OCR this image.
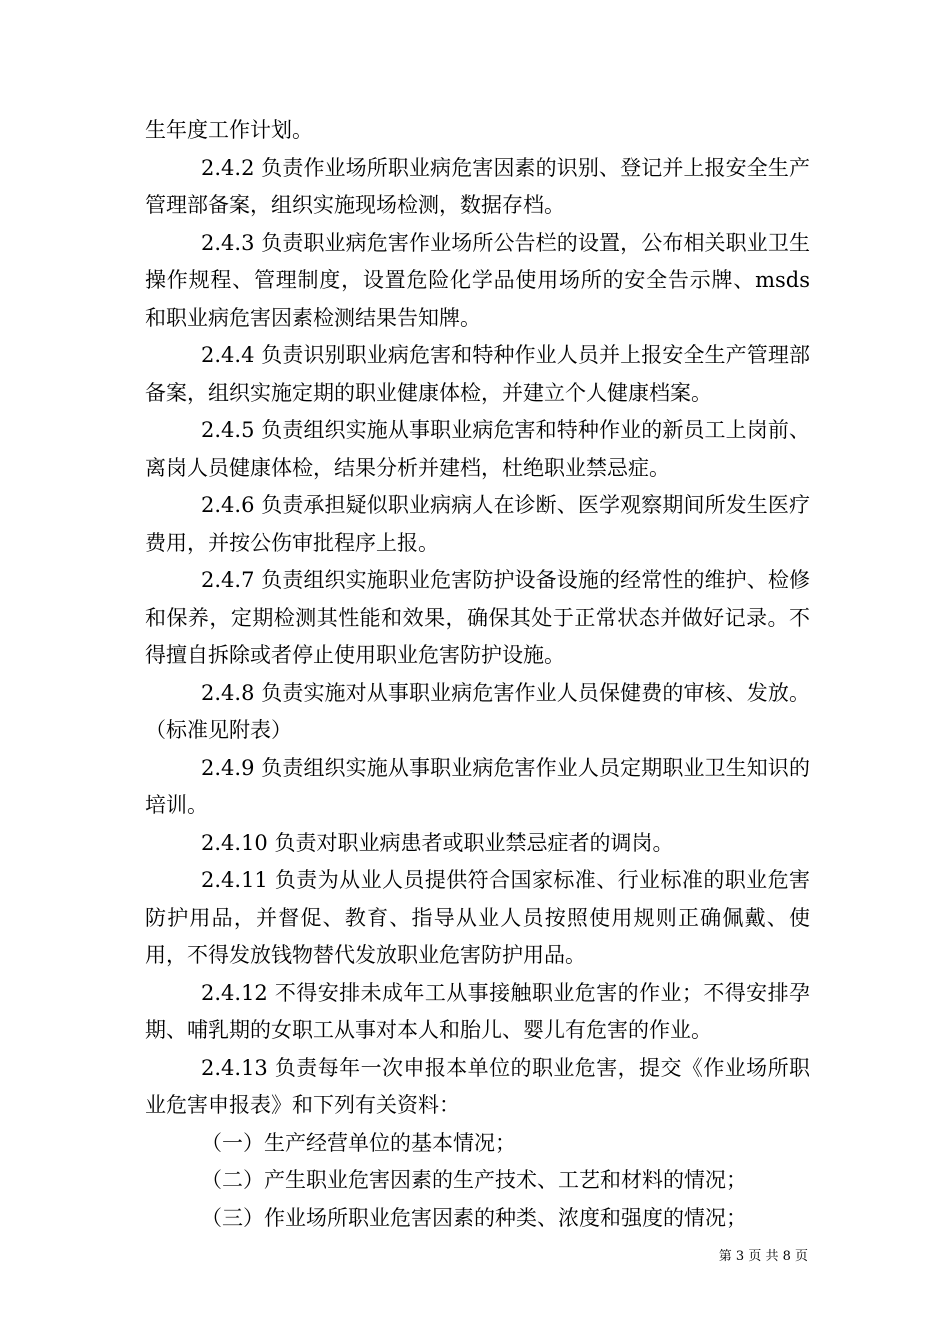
生年度工作计划。

2.4.2 负责作业场所职业病危害因素的识别、登记并上报安全生产管理部备案，组织实施现场检测，数据存档。

2.4.3 负责职业病危害作业场所公告栏的设置，公布相关职业卫生操作规程、管理制度，设置危险化学品使用场所的安全告示牌、msds 和职业病危害因素检测结果告知牌。

2.4.4 负责识别职业病危害和特种作业人员并上报安全生产管理部备案，组织实施定期的职业健康体检，并建立个人健康档案。

2.4.5 负责组织实施从事职业病危害和特种作业的新员工上岗前、离岗人员健康体检，结果分析并建档，杜绝职业禁忌症。

2.4.6 负责承担疑似职业病病人在诊断、医学观察期间所发生医疗费用，并按公伤审批程序上报。

2.4.7 负责组织实施职业危害防护设备设施的经常性的维护、检修和保养，定期检测其性能和效果，确保其处于正常状态并做好记录。不得擅自拆除或者停止使用职业危害防护设施。

2.4.8 负责实施对从事职业病危害作业人员保健费的审核、发放。（标准见附表）

2.4.9 负责组织实施从事职业病危害作业人员定期职业卫生知识的培训。

2.4.10 负责对职业病患者或职业禁忌症者的调岗。

2.4.11 负责为从业人员提供符合国家标准、行业标准的职业危害防护用品，并督促、教育、指导从业人员按照使用规则正确佩戴、使用，不得发放钱物替代发放职业危害防护用品。

2.4.12 不得安排未成年工从事接触职业危害的作业；不得安排孕期、哺乳期的女职工从事对本人和胎儿、婴儿有危害的作业。

2.4.13 负责每年一次申报本单位的职业危害，提交《作业场所职业危害申报表》和下列有关资料：

（一）生产经营单位的基本情况；

（二）产生职业危害因素的生产技术、工艺和材料的情况；

（三）作业场所职业危害因素的种类、浓度和强度的情况；

第 3 页 共 8 页
